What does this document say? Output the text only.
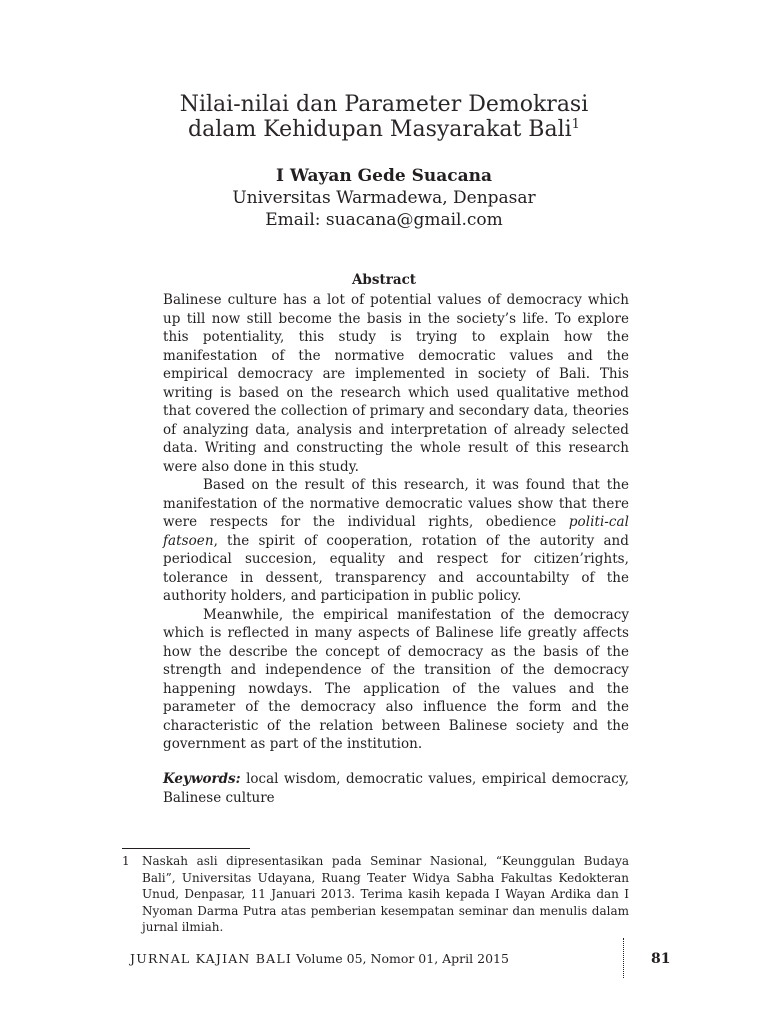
Nilai-nilai dan Parameter Demokrasi
dalam Kehidupan Masyarakat Bali$^1$
I Wayan Gede Suacana
Universitas Warmadewa, Denpasar
Email: suacana@gmail.com
Abstract

Balinese culture has a lot of potential values of democracy which up till now still become the basis in the society’s life. To explore this potentiality, this study is trying to explain how the manifestation of the normative democratic values and the empirical democracy are implemented in society of Bali. This writing is based on the research which used qualitative method that covered the collection of primary and secondary data, theories of analyzing data, analysis and interpretation of already selected data. Writing and constructing the whole result of this research were also done in this study.

Based on the result of this research, it was found that the manifestation of the normative democratic values show that there were respects for the individual rights, obedience politi-cal fatsoen, the spirit of cooperation, rotation of the autority and periodical succesion, equality and respect for citizen’rights, tolerance in dessent, transparency and accountabilty of the authority holders, and participation in public policy.

Meanwhile, the empirical manifestation of the democracy which is reflected in many aspects of Balinese life greatly affects how the describe the concept of democracy as the basis of the strength and independence of the transition of the democracy happening nowdays. The application of the values and the parameter of the democracy also influence the form and the characteristic of the relation between Balinese society and the government as part of the institution.

Keywords: local wisdom, democratic values, empirical democracy, Balinese culture
1	Naskah asli dipresentasikan pada Seminar Nasional, “Keunggulan Budaya Bali”, Universitas Udayana, Ruang Teater Widya Sabha Fakultas Kedokteran Unud, Denpasar, 11 Januari 2013. Terima kasih kepada I Wayan Ardika dan I Nyoman Darma Putra atas pemberian kesempatan seminar dan menulis dalam jurnal ilmiah.
JURNAL KAJIAN BALI Volume 05, Nomor 01, April 2015	81
